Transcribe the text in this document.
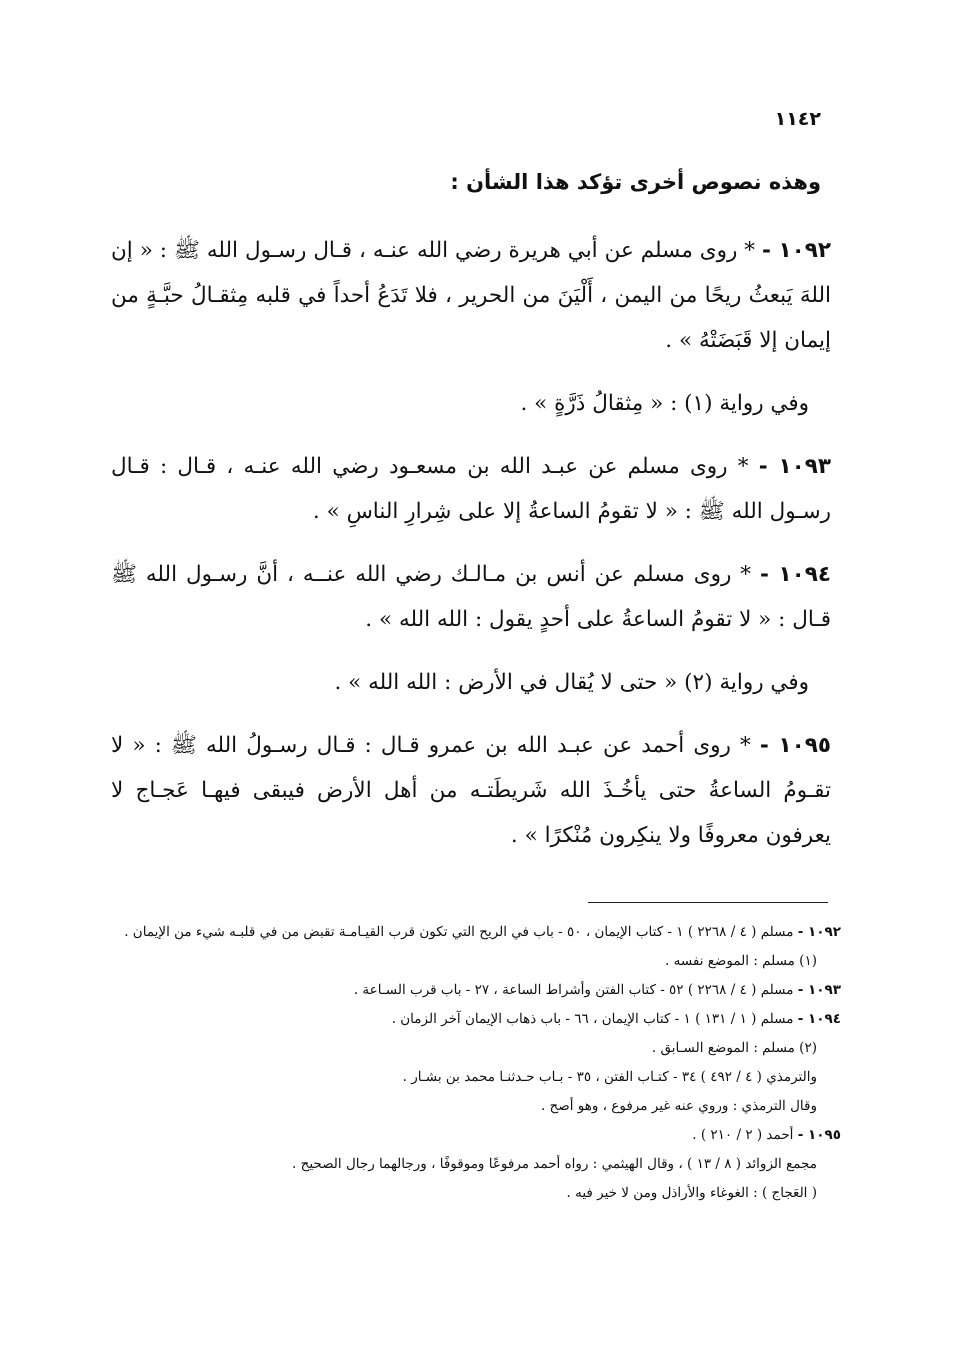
١١٤٢
وهذه نصوص أخرى تؤكد هذا الشأن :

١٠٩٢ - * روى مسلم عن أبي هريرة رضي الله عنـه ، قـال رسـول الله ﷺ : « إن اللهَ يَبعثُ ريحًا من اليمن ، أَلْيَنَ من الحرير ، فلا تَدَعُ أحداً في قلبه مِثقـالُ حبَّـةٍ من إيمان إلا قَبَضَتْهُ » .

وفي رواية (١) : « مِثقالُ ذَرَّةٍ » .

١٠٩٣ - * روى مسلم عن عبـد الله بن مسعـود رضي الله عنـه ، قـال : قـال رسـول الله ﷺ : « لا تقومُ الساعةُ إلا على شِرارِ الناسِ » .

١٠٩٤ - * روى مسلم عن أنس بن مـالـك رضي الله عنــه ، أنَّ رسـول الله ﷺ قـال : « لا تقومُ الساعةُ على أحدٍ يقول : الله الله » .

وفي رواية (٢) « حتى لا يُقال في الأرض : الله الله » .

١٠٩٥ - * روى أحمد عن عبـد الله بن عمرو قـال : قـال رسـولُ الله ﷺ : « لا تقـومُ الساعةُ حتى يأخُـذَ الله شَريطَتـه من أهل الأرض فيبقى فيهـا عَجـاج لا يعرفون معروفًا ولا ينكِرون مُنْكرًا » .

١٠٩٢ - مسلم ( ٤ / ٢٢٦٨ ) ١ - كتاب الإيمان ، ٥٠ - باب في الريح التي تكون قرب القيـامـة تقبض من في قلبـه شيء من الإيمان .

(١) مسلم : الموضع نفسه .

١٠٩٣ - مسلم ( ٤ / ٢٢٦٨ ) ٥٢ - كتاب الفتن وأشراط الساعة ، ٢٧ - باب قرب السـاعة .

١٠٩٤ - مسلم ( ١ / ١٣١ ) ١ - كتاب الإيمان ، ٦٦ - باب ذهاب الإيمان آخر الزمان .

(٢) مسلم : الموضع السـابق .

والترمذي ( ٤ / ٤٩٢ ) ٣٤ - كتـاب الفتن ، ٣٥ - بـاب حـدثنـا محمد بن بشـار .

وقال الترمذي : وروي عنه غير مرفوع ، وهو أصح .

١٠٩٥ - أحمد ( ٢ / ٢١٠ ) .

مجمع الزوائد ( ٨ / ١٣ ) ، وقال الهيثمي : رواه أحمد مرفوعًا وموقوفًا ، ورجالهما رجال الصحيح .

( العَجاج ) : الغوغاء والأراذل ومن لا خير فيه .
